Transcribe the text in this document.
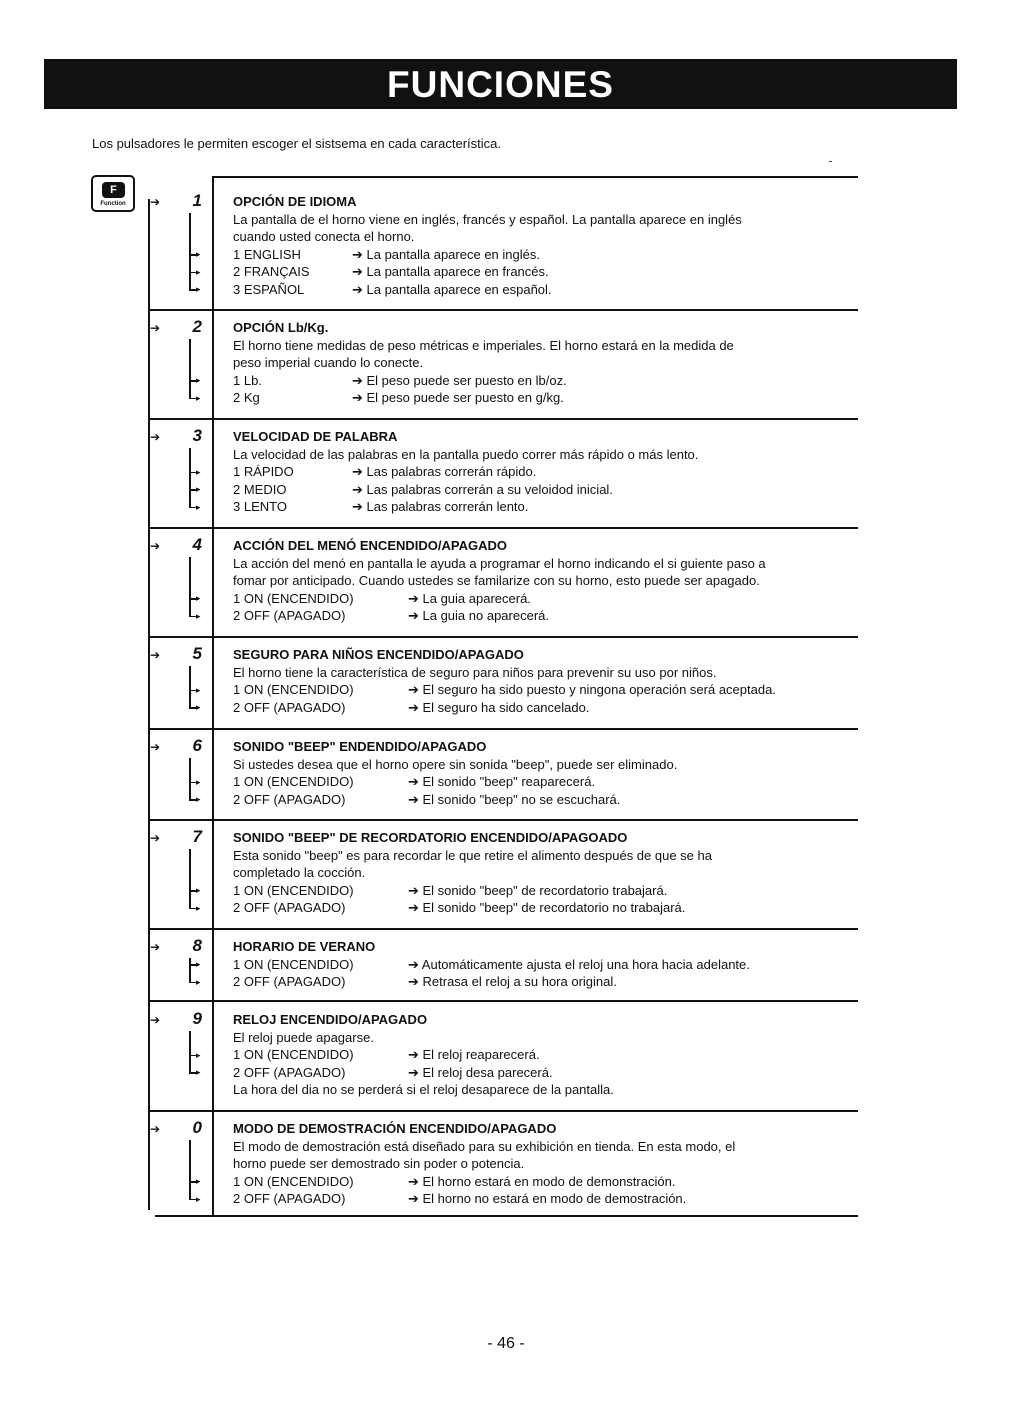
FUNCIONES
Los pulsadores le permiten escoger el sistsema en cada característica.
F
Function	➔	1 OPCIÓN DE IDIOMA
La pantalla de el horno viene en inglés, francés y español. La pantalla aparece en inglés
cuando usted conecta el horno.
1 ENGLISH	➔ La pantalla aparece en inglés.
2 FRANÇAIS	➔ La pantalla aparece en francés.
3 ESPAÑOL	➔ La pantalla aparece en español.
▸
▸
▸
➔	2 OPCIÓN Lb/Kg.
El horno tiene medidas de peso métricas e imperiales. El horno estará en la medida de
peso imperial cuando lo conecte.
1 Lb.	➔ El peso puede ser puesto en lb/oz.
2 Kg	➔ El peso puede ser puesto en g/kg.
▸
▸
➔	3 VELOCIDAD DE PALABRA
La velocidad de las palabras en la pantalla puedo correr más rápido o más lento.
1 RÁPIDO	➔ Las palabras correrán rápido.
2 MEDIO	➔ Las palabras correrán a su veloidod inicial.
3 LENTO	➔ Las palabras correrán lento.
▸
▸
▸
➔	4 ACCIÓN DEL MENÓ ENCENDIDO/APAGADO
La acción del menó en pantalla le ayuda a programar el horno indicando el si guiente paso a
fomar por anticipado. Cuando ustedes se familarize con su horno, esto puede ser apagado.
1 ON (ENCENDIDO)	➔ La guia aparecerá.
2 OFF (APAGADO)	➔ La guia no aparecerá.
▸
▸
➔	5 SEGURO PARA NIÑOS ENCENDIDO/APAGADO
El horno tiene la característica de seguro para niños para prevenir su uso por niños.
1 ON (ENCENDIDO)	➔ El seguro ha sido puesto y ningona operación será aceptada.
2 OFF (APAGADO)	➔ El seguro ha sido cancelado.
▸
▸
➔	6 SONIDO "BEEP" ENDENDIDO/APAGADO
Si ustedes desea que el horno opere sin sonida "beep", puede ser eliminado.
1 ON (ENCENDIDO)	➔ El sonido "beep" reaparecerá.
2 OFF (APAGADO)	➔ El sonido "beep" no se escuchará.
▸
▸
➔	7 SONIDO "BEEP" DE RECORDATORIO ENCENDIDO/APAGOADO
Esta sonido "beep" es para recordar le que retire el alimento después de que se ha
completado la cocción.
1 ON (ENCENDIDO)	➔ El sonido "beep" de recordatorio trabajará.
2 OFF (APAGADO)	➔ El sonido "beep" de recordatorio no trabajará.
▸
▸
➔	8 HORARIO DE VERANO
1 ON (ENCENDIDO)	➔ Automáticamente ajusta el reloj una hora hacia adelante.
2 OFF (APAGADO)	➔ Retrasa el reloj a su hora original.
▸
▸
➔	9 RELOJ ENCENDIDO/APAGADO
El reloj puede apagarse.
1 ON (ENCENDIDO)	➔ El reloj reaparecerá.
2 OFF (APAGADO)	➔ El reloj desa parecerá.
La hora del dia no se perderá si el reloj desaparece de la pantalla.
▸
▸
➔	0 MODO DE DEMOSTRACIÓN ENCENDIDO/APAGADO
El modo de demostración está diseñado para su exhibición en tienda. En esta modo, el
horno puede ser demostrado sin poder o potencia.
1 ON (ENCENDIDO)	➔ El horno estará en modo de demonstración.
2 OFF (APAGADO)	➔ El horno no estará en modo de demostración.
▸
▸
- 46 -
